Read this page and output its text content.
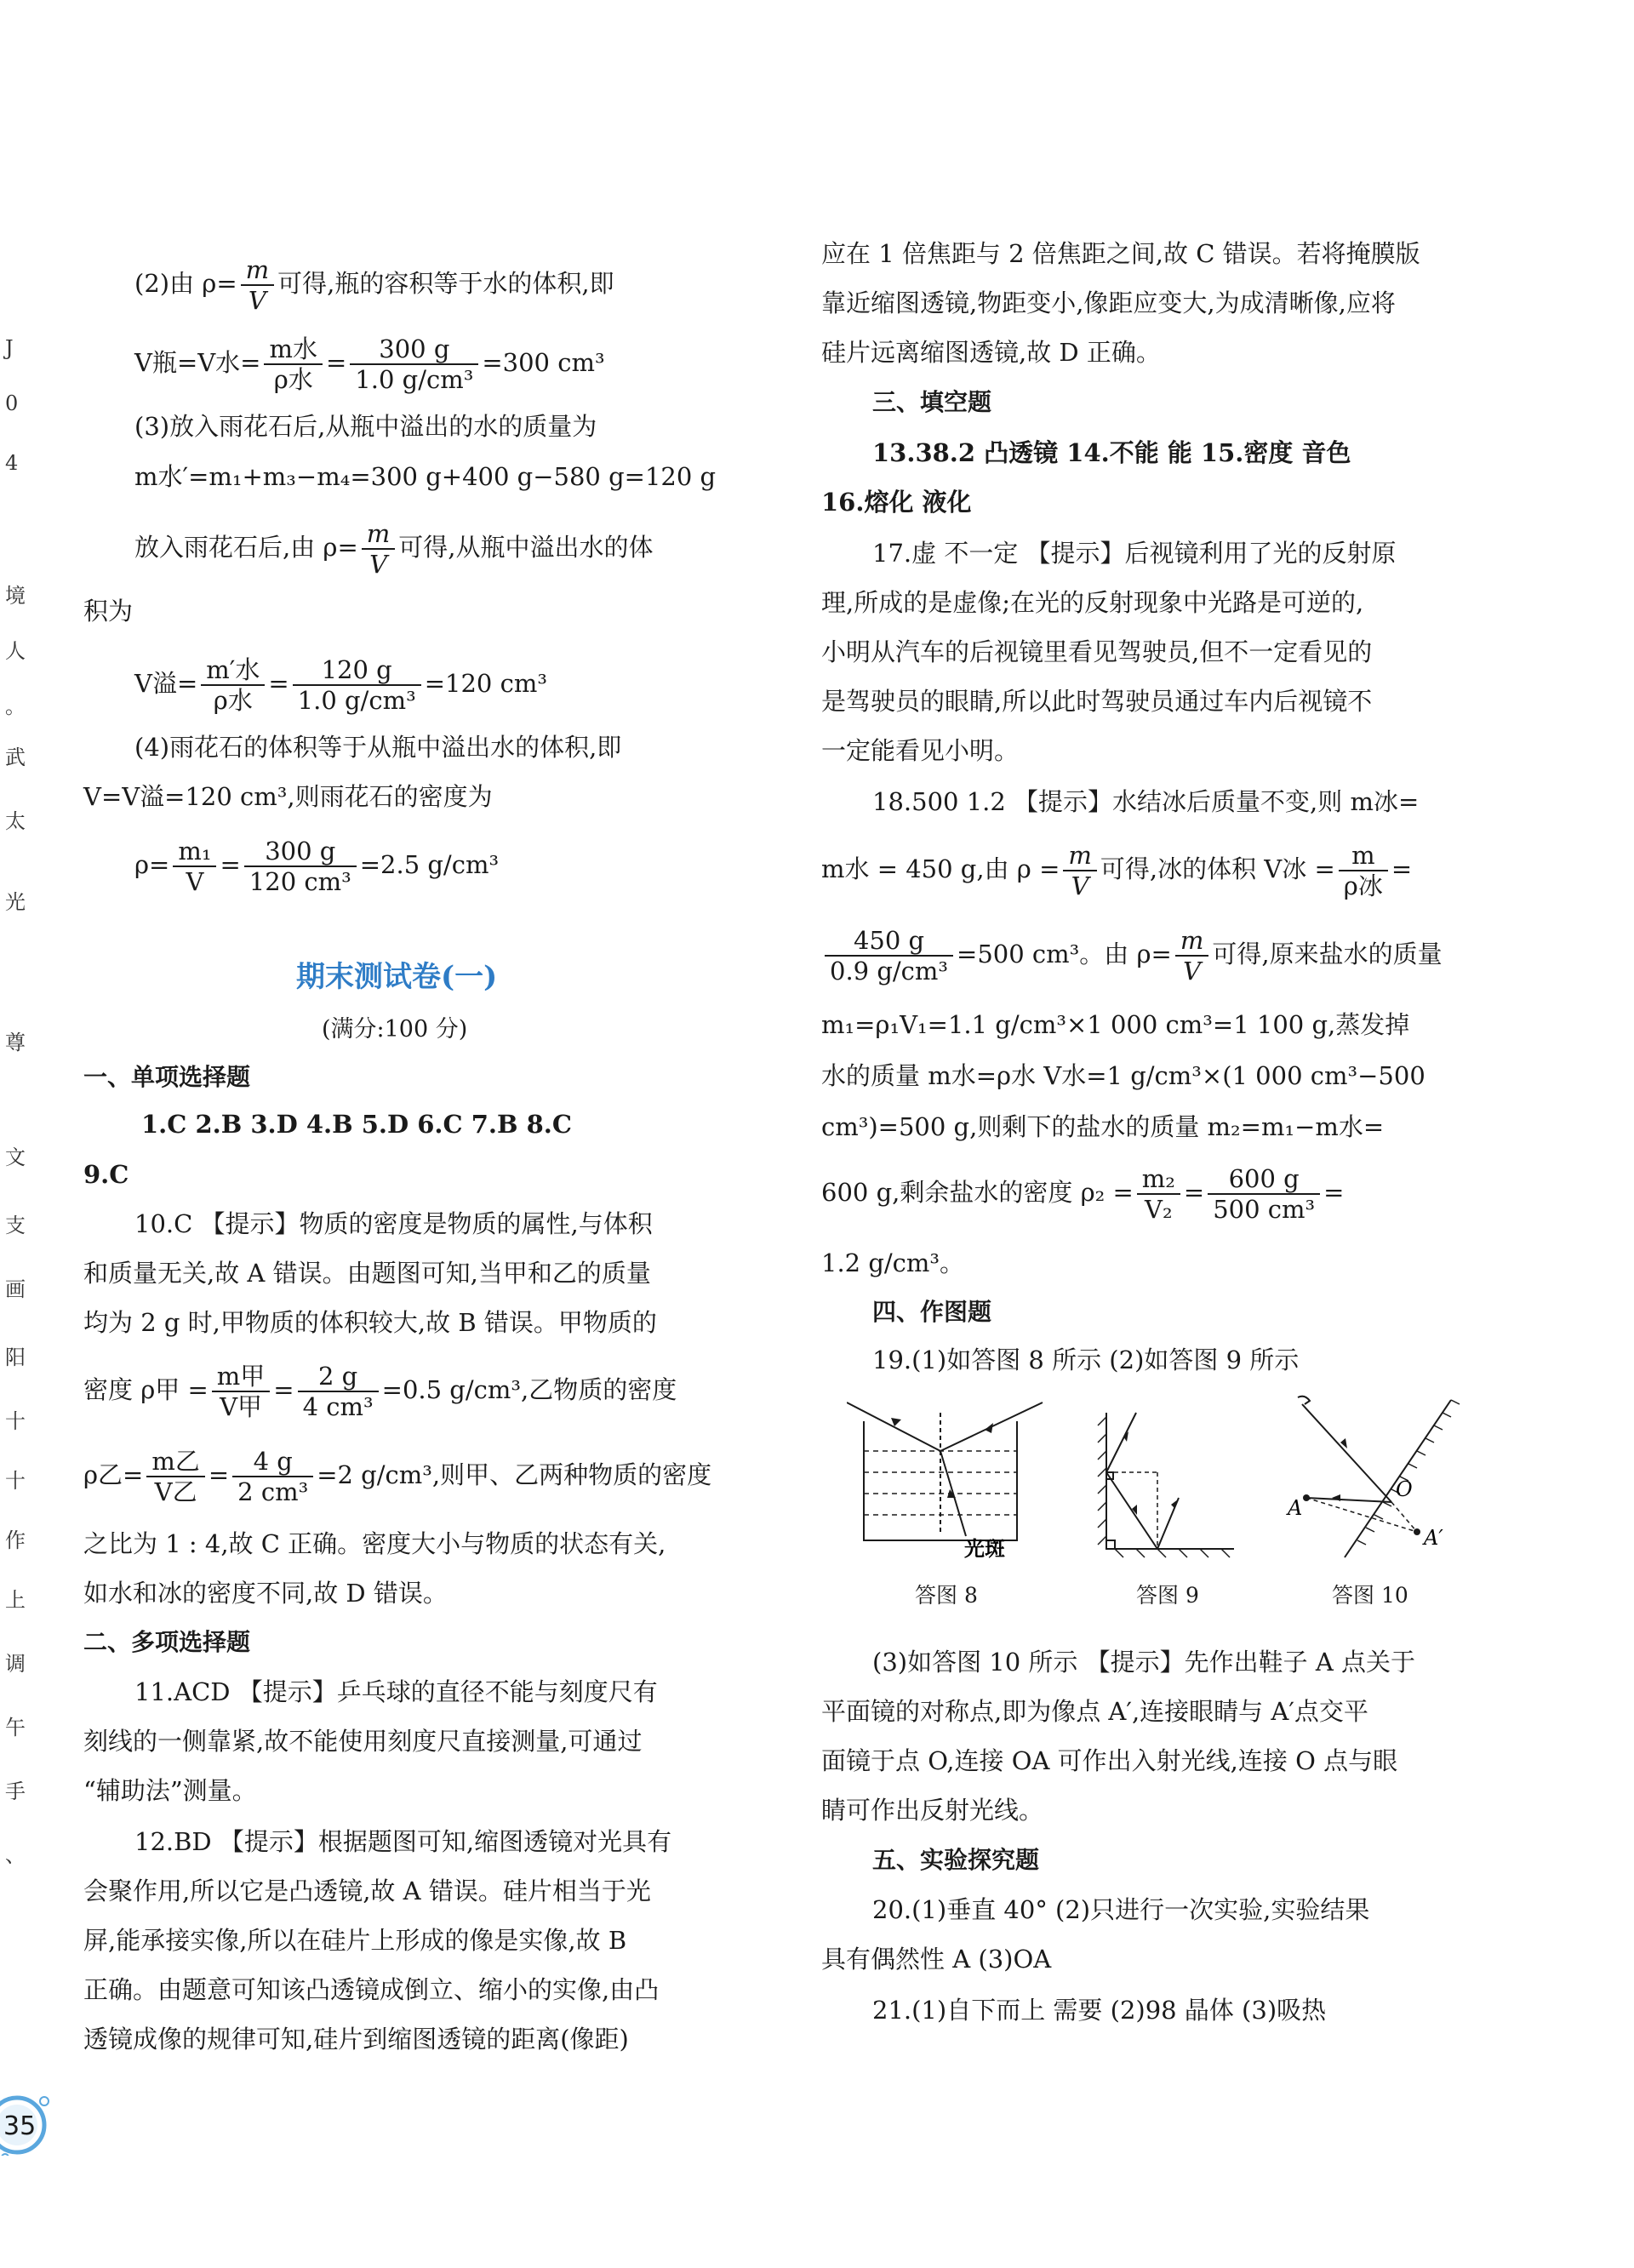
J
0
4
境
人
。
武
太
光
尊
文
支
画
阳
十
十
作
上
调
午
手
、
(2)由 $\rho= \frac{m}{V}$ 可得,瓶的容积等于水的体积,即
V瓶=V水= $\frac{\text{m水}}{\text{ρ水}} = \frac{300 g}{\text{1.0 g/cm³}} =300$ cm³
(3)放入雨花石后,从瓶中溢出的水的质量为
m水′=m₁+m₃−m₄=300 g+400 g−580 g=120 g
放入雨花石后,由 $\rho= \frac{m}{V}$ 可得,从瓶中溢出水的体
积为
V溢= $\frac{\text{m′水}}{\text{ρ水}} = \frac{120 g}{\text{1.0 g/cm³}} =120$ cm³
(4)雨花石的体积等于从瓶中溢出水的体积,即
V=V溢=120 cm³,则雨花石的密度为
$\rho= \frac{\text{m₁}}{V} = \frac{300 g}{\text{120 cm³}} =2.5$ g/cm³
期末测试卷(一)
(满分:100 分)
一、单项选择题
1.C 2.B 3.D 4.B 5.D 6.C 7.B 8.C
9.C
10.C 【提示】物质的密度是物质的属性,与体积
和质量无关,故 A 错误。由题图可知,当甲和乙的质量
均为 2 g 时,甲物质的体积较大,故 B 错误。甲物质的
密度 ρ甲 = $\frac{\text{m甲}}{\text{V甲}} = \frac{2 g}{\text{4 cm³}} =0.5$ g/cm³,乙物质的密度
ρ乙= $\frac{\text{m乙}}{\text{V乙}} = \frac{4 g}{\text{2 cm³}} =2$ g/cm³,则甲、乙两种物质的密度
之比为 1 : 4,故 C 正确。密度大小与物质的状态有关,
如水和冰的密度不同,故 D 错误。
二、多项选择题
11.ACD 【提示】乒乓球的直径不能与刻度尺有
刻线的一侧靠紧,故不能使用刻度尺直接测量,可通过
“辅助法”测量。
12.BD 【提示】根据题图可知,缩图透镜对光具有
会聚作用,所以它是凸透镜,故 A 错误。硅片相当于光
屏,能承接实像,所以在硅片上形成的像是实像,故 B
正确。由题意可知该凸透镜成倒立、缩小的实像,由凸
透镜成像的规律可知,硅片到缩图透镜的距离(像距)
应在 1 倍焦距与 2 倍焦距之间,故 C 错误。若将掩膜版
靠近缩图透镜,物距变小,像距应变大,为成清晰像,应将
硅片远离缩图透镜,故 D 正确。
三、填空题
13.38.2 凸透镜 14.不能 能 15.密度 音色
16.熔化 液化
17.虚 不一定 【提示】后视镜利用了光的反射原
理,所成的是虚像;在光的反射现象中光路是可逆的,
小明从汽车的后视镜里看见驾驶员,但不一定看见的
是驾驶员的眼睛,所以此时驾驶员通过车内后视镜不
一定能看见小明。
18.500 1.2 【提示】水结冰后质量不变,则 m冰=
m水 = 450 g,由 $\rho = \frac{m}{V}$ 可得,冰的体积 V冰 = $\frac{m}{\text{ρ冰}}$ =
$\frac{450 g}{\text{0.9 g/cm³}} =500$ cm³。由 $\rho= \frac{m}{V}$ 可得,原来盐水的质量
m₁=ρ₁V₁=1.1 g/cm³×1 000 cm³=1 100 g,蒸发掉
水的质量 m水=ρ水 V水=1 g/cm³×(1 000 cm³−500
cm³)=500 g,则剩下的盐水的质量 m₂=m₁−m水=
600 g,剩余盐水的密度 $\rho_2 = \frac{\text{m₂}}{\text{V₂}} = \frac{600 g}{\text{500 cm³}}$ =
1.2 g/cm³。
四、作图题
19.(1)如答图 8 所示 (2)如答图 9 所示
光斑
A
O
A′
答图 8	答图 9	答图 10
(3)如答图 10 所示 【提示】先作出鞋子 A 点关于
平面镜的对称点,即为像点 A′,连接眼睛与 A′点交平
面镜于点 O,连接 OA 可作出入射光线,连接 O 点与眼
睛可作出反射光线。
五、实验探究题
20.(1)垂直 40° (2)只进行一次实验,实验结果
具有偶然性 A (3)OA
21.(1)自下而上 需要 (2)98 晶体 (3)吸热
35
